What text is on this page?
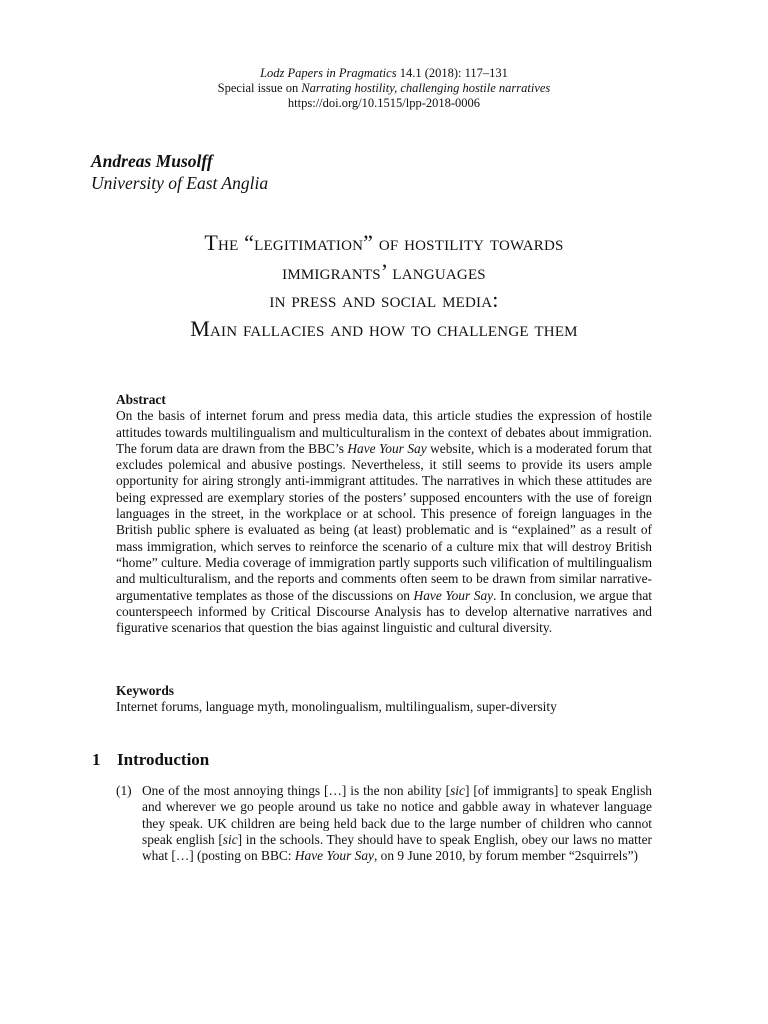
Lodz Papers in Pragmatics 14.1 (2018): 117–131
Special issue on Narrating hostility, challenging hostile narratives
https://doi.org/10.1515/lpp-2018-0006
Andreas Musolff
University of East Anglia
The “legitimation” of hostility towards
immigrants’ languages
in press and social media:
Main fallacies and how to challenge them
Abstract

On the basis of internet forum and press media data, this article studies the expression of hostile attitudes towards multilingualism and multiculturalism in the context of debates about immigration. The forum data are drawn from the BBC’s Have Your Say website, which is a moderated forum that excludes polemical and abusive postings. Nevertheless, it still seems to provide its users ample opportunity for airing strongly anti-immigrant attitudes. The narratives in which these attitudes are being expressed are exemplary stories of the posters’ supposed encounters with the use of foreign languages in the street, in the workplace or at school. This presence of foreign languages in the British public sphere is evaluated as being (at least) problematic and is “explained” as a result of mass immigration, which serves to reinforce the scenario of a culture mix that will destroy British “home” culture. Media coverage of immigration partly supports such vilification of multilingualism and multiculturalism, and the reports and comments often seem to be drawn from similar narrative-argumentative templates as those of the discussions on Have Your Say. In conclusion, we argue that counterspeech informed by Critical Discourse Analysis has to develop alternative narratives and figurative scenarios that question the bias against linguistic and cultural diversity.

Keywords
Internet forums, language myth, monolingualism, multilingualism, super-diversity
1 Introduction
(1) One of the most annoying things […] is the non ability [sic] [of immigrants] to speak English and wherever we go people around us take no notice and gabble away in whatever language they speak. UK children are being held back due to the large number of children who cannot speak english [sic] in the schools. They should have to speak English, obey our laws no matter what […] (posting on BBC: Have Your Say, on 9 June 2010, by forum member “2squirrels”)
